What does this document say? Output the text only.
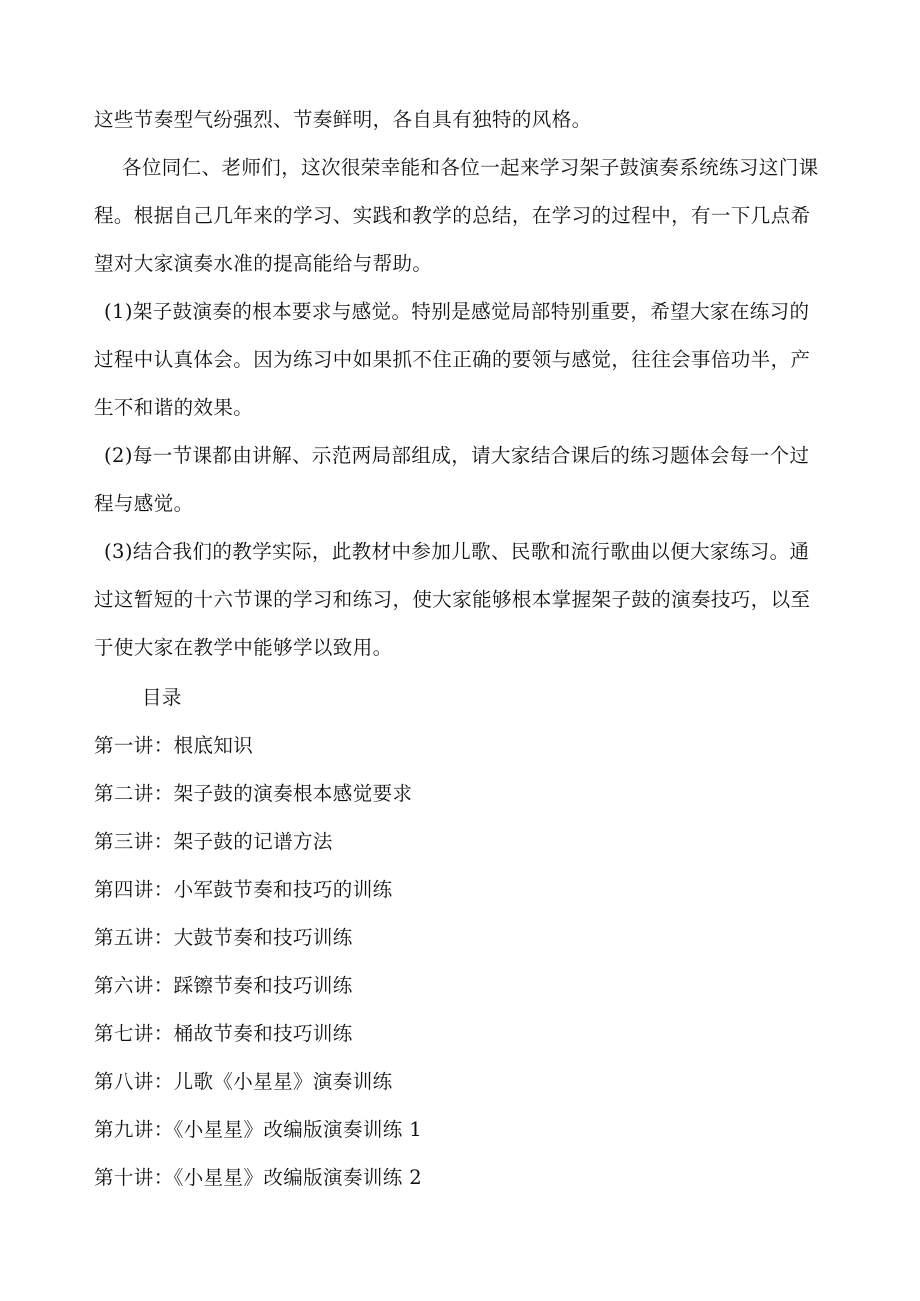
这些节奏型气纷强烈、节奏鲜明，各自具有独特的风格。
各位同仁、老师们，这次很荣幸能和各位一起来学习架子鼓演奏系统练习这门课
程。根据自己几年来的学习、实践和教学的总结，在学习的过程中，有一下几点希
望对大家演奏水准的提高能给与帮助。
(1)架子鼓演奏的根本要求与感觉。特别是感觉局部特别重要，希望大家在练习的
过程中认真体会。因为练习中如果抓不住正确的要领与感觉，往往会事倍功半，产
生不和谐的效果。
(2)每一节课都由讲解、示范两局部组成，请大家结合课后的练习题体会每一个过
程与感觉。
(3)结合我们的教学实际，此教材中参加儿歌、民歌和流行歌曲以便大家练习。通
过这暂短的十六节课的学习和练习，使大家能够根本掌握架子鼓的演奏技巧，以至
于使大家在教学中能够学以致用。
目录
第一讲：根底知识
第二讲：架子鼓的演奏根本感觉要求
第三讲：架子鼓的记谱方法
第四讲：小军鼓节奏和技巧的训练
第五讲：大鼓节奏和技巧训练
第六讲：踩镲节奏和技巧训练
第七讲：桶故节奏和技巧训练
第八讲：儿歌《小星星》演奏训练
第九讲：《小星星》改编版演奏训练 1
第十讲：《小星星》改编版演奏训练 2
